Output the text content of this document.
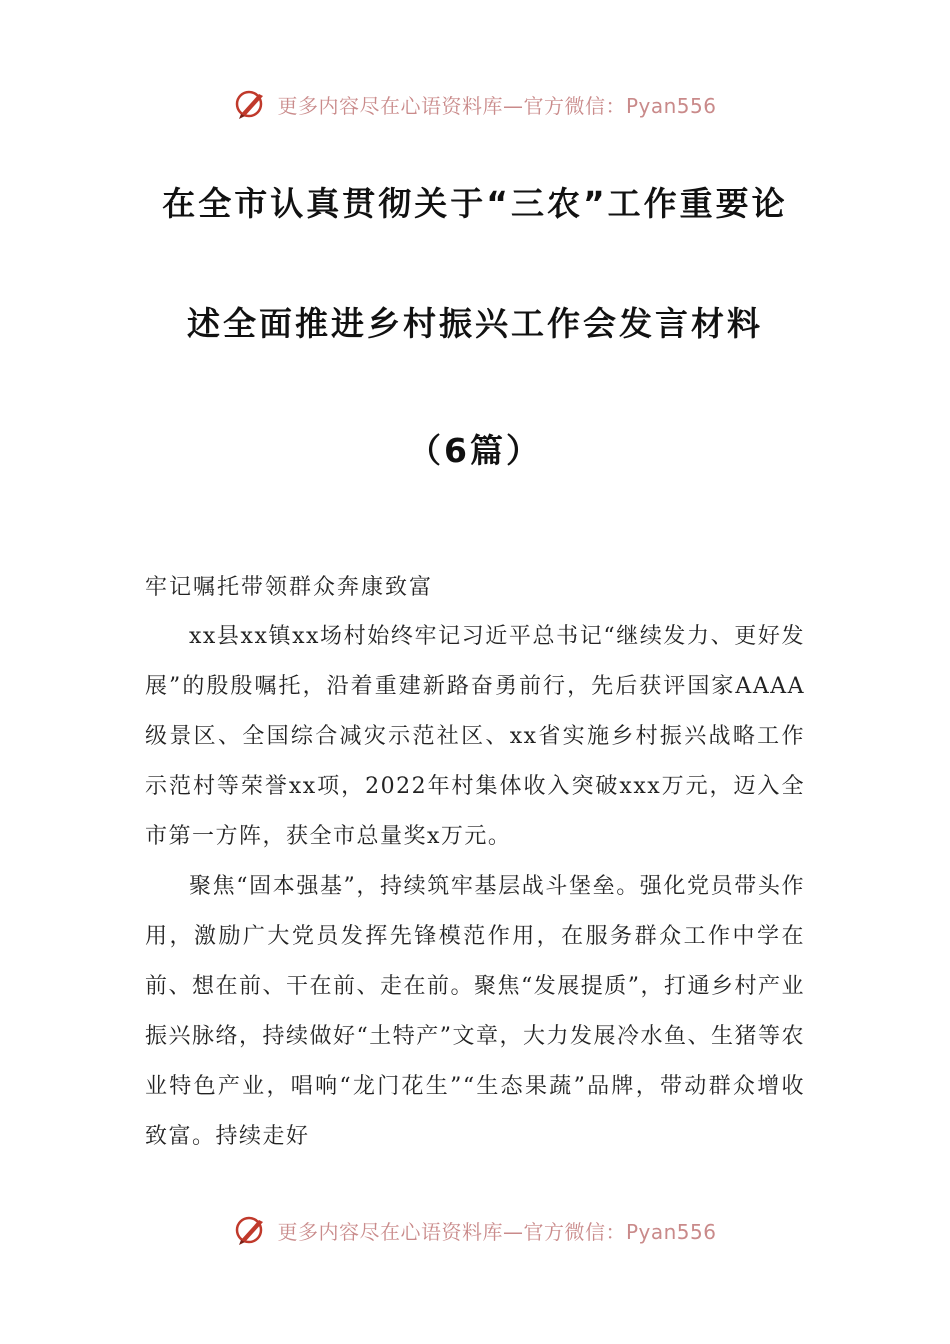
更多内容尽在心语资料库—官方微信：Pyan556
在全市认真贯彻关于“三农”工作重要论
述全面推进乡村振兴工作会发言材料
（6篇）
牢记嘱托带领群众奔康致富

xx县xx镇xx场村始终牢记习近平总书记“继续发力、更好发展”的殷殷嘱托，沿着重建新路奋勇前行，先后获评国家AAAA级景区、全国综合减灾示范社区、xx省实施乡村振兴战略工作示范村等荣誉xx项，2022年村集体收入突破xxx万元，迈入全市第一方阵，获全市总量奖x万元。

聚焦“固本强基”，持续筑牢基层战斗堡垒。强化党员带头作用，激励广大党员发挥先锋模范作用，在服务群众工作中学在前、想在前、干在前、走在前。聚焦“发展提质”，打通乡村产业振兴脉络，持续做好“土特产”文章，大力发展冷水鱼、生猪等农业特色产业，唱响“龙门花生”“生态果蔬”品牌，带动群众增收致富。持续走好

更多内容尽在心语资料库—官方微信：Pyan556
